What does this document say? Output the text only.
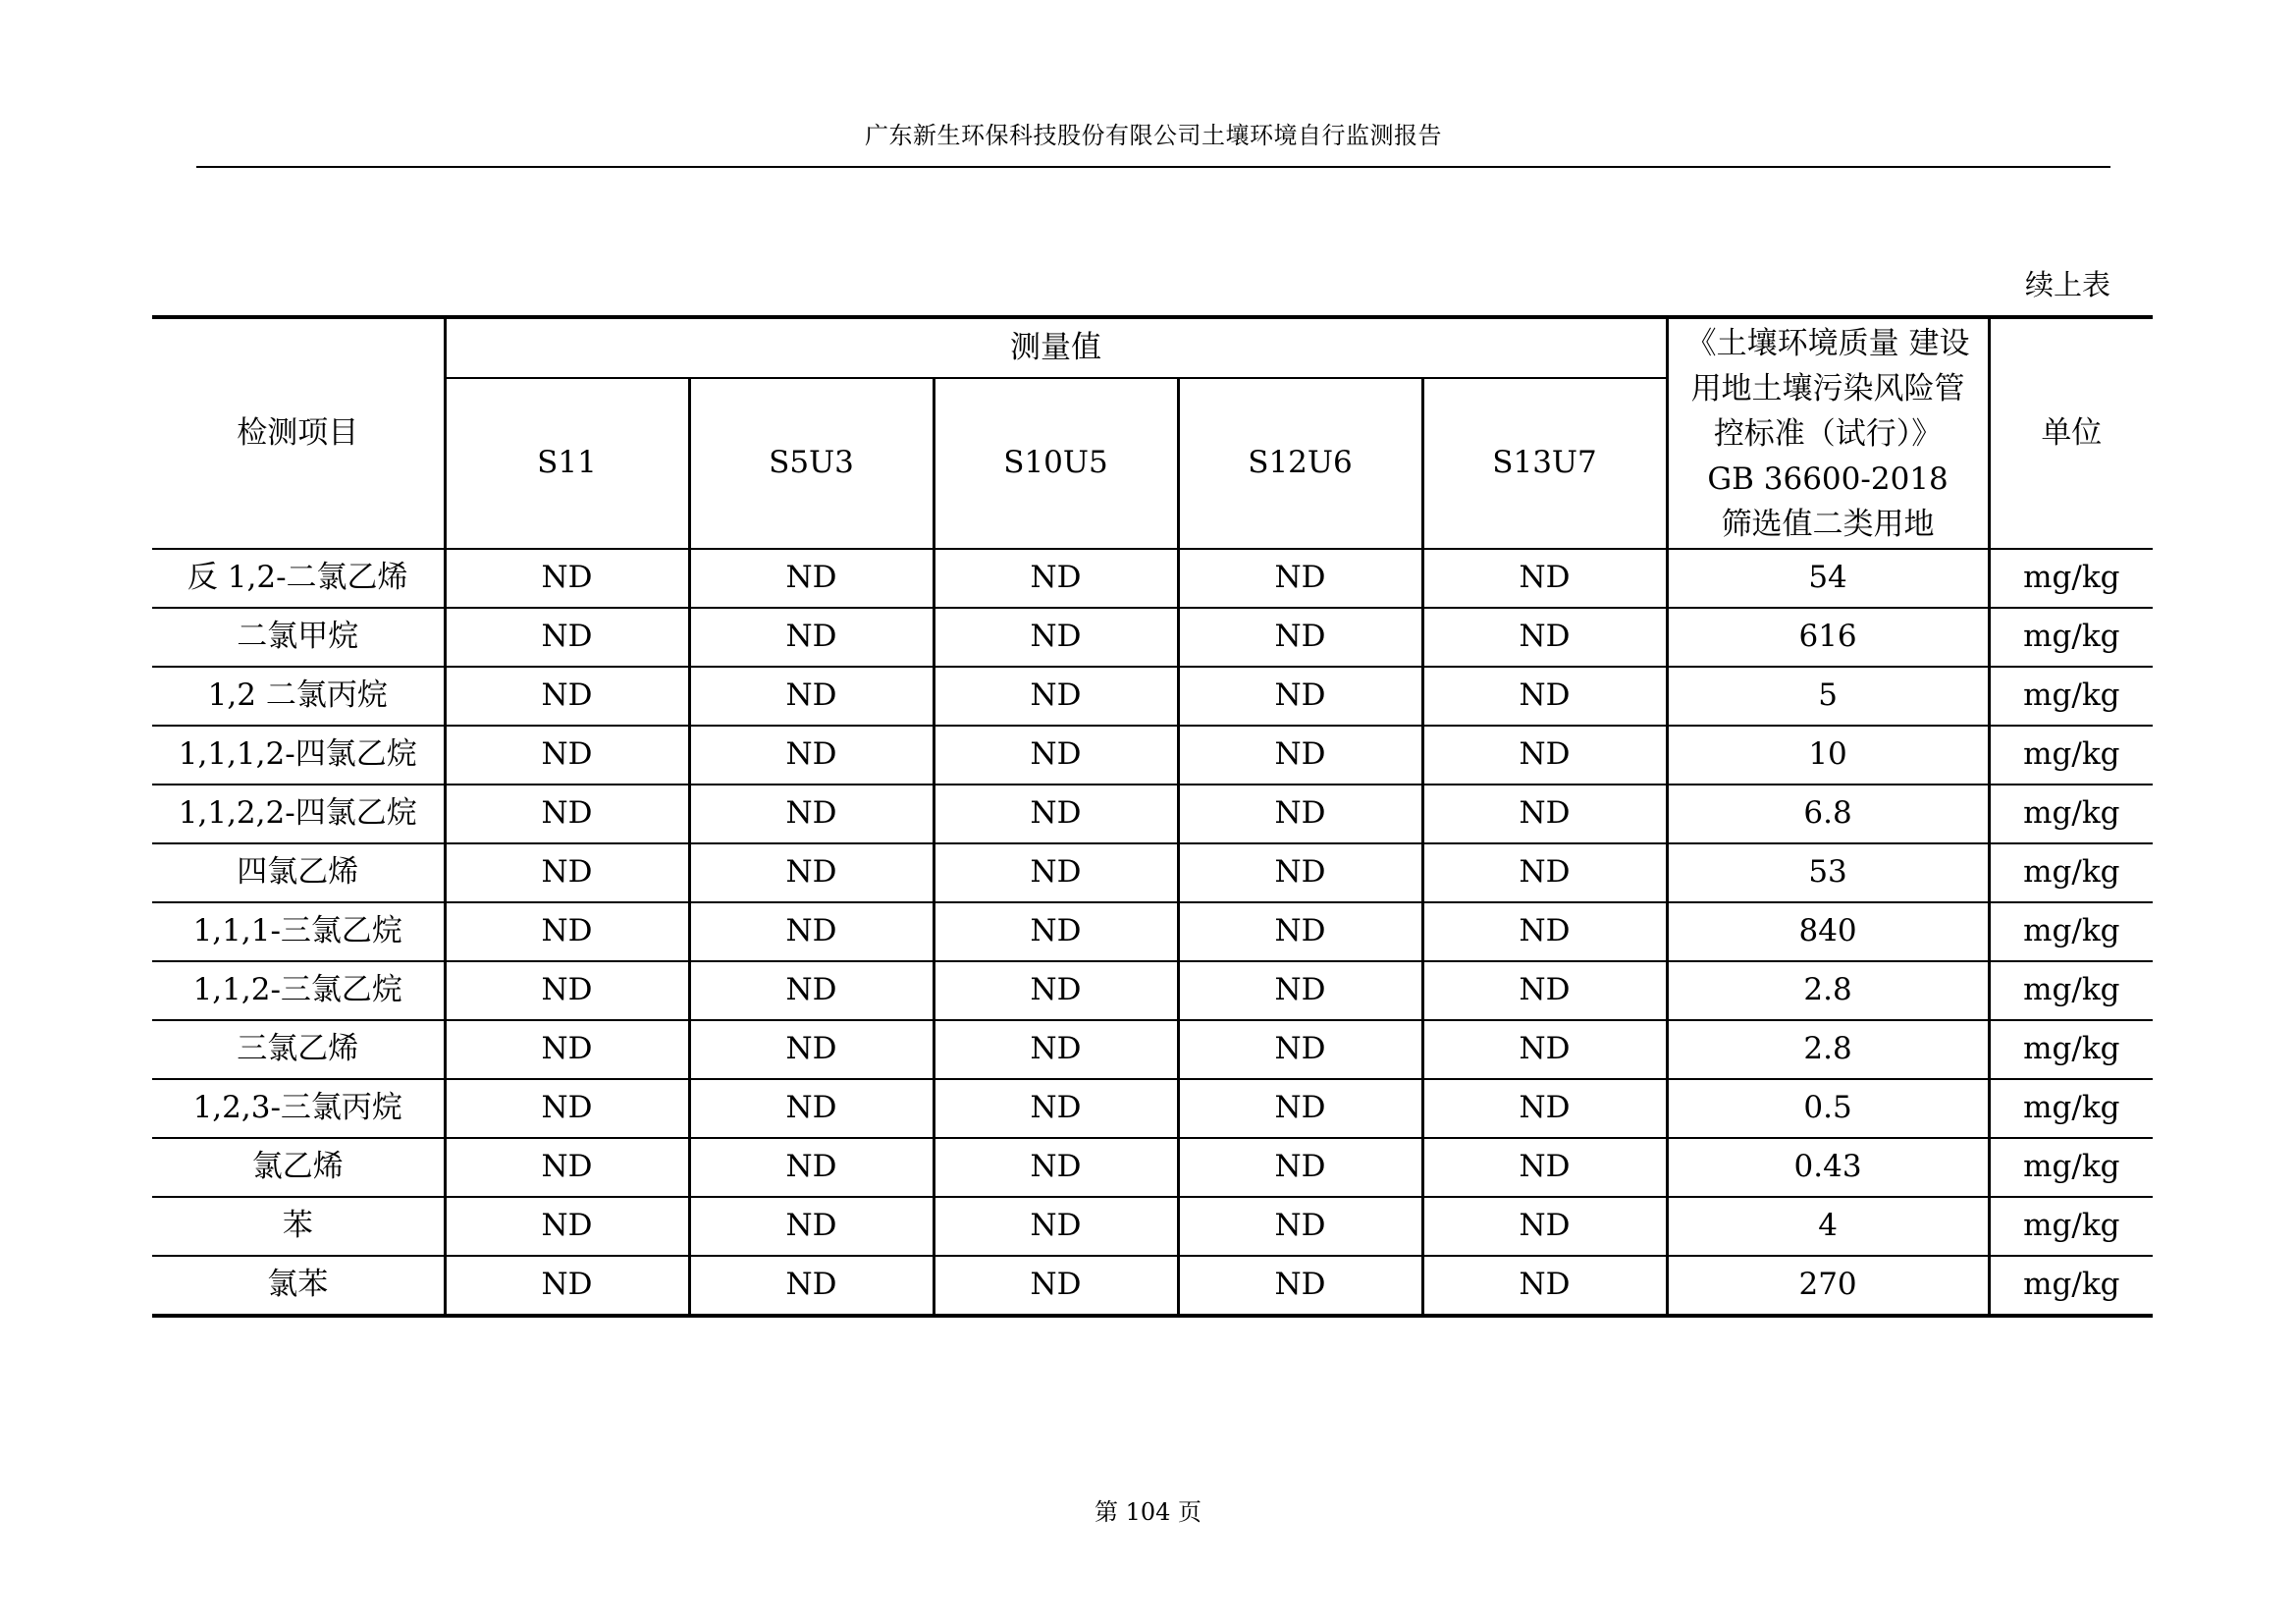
广东新生环保科技股份有限公司土壤环境自行监测报告
续上表
检测项目	测量值					《土壤环境质量 建设
用地土壤污染风险管
控标准（试行）》
GB 36600-2018
筛选值二类用地	单位
	S11	S5U3	S10U5	S12U6	S13U7		
反 1,2-二氯乙烯	ND	ND	ND	ND	ND	54	mg/kg
二氯甲烷	ND	ND	ND	ND	ND	616	mg/kg
1,2 二氯丙烷	ND	ND	ND	ND	ND	5	mg/kg
1,1,1,2-四氯乙烷	ND	ND	ND	ND	ND	10	mg/kg
1,1,2,2-四氯乙烷	ND	ND	ND	ND	ND	6.8	mg/kg
四氯乙烯	ND	ND	ND	ND	ND	53	mg/kg
1,1,1-三氯乙烷	ND	ND	ND	ND	ND	840	mg/kg
1,1,2-三氯乙烷	ND	ND	ND	ND	ND	2.8	mg/kg
三氯乙烯	ND	ND	ND	ND	ND	2.8	mg/kg
1,2,3-三氯丙烷	ND	ND	ND	ND	ND	0.5	mg/kg
氯乙烯	ND	ND	ND	ND	ND	0.43	mg/kg
苯	ND	ND	ND	ND	ND	4	mg/kg
氯苯	ND	ND	ND	ND	ND	270	mg/kg
第 104 页
